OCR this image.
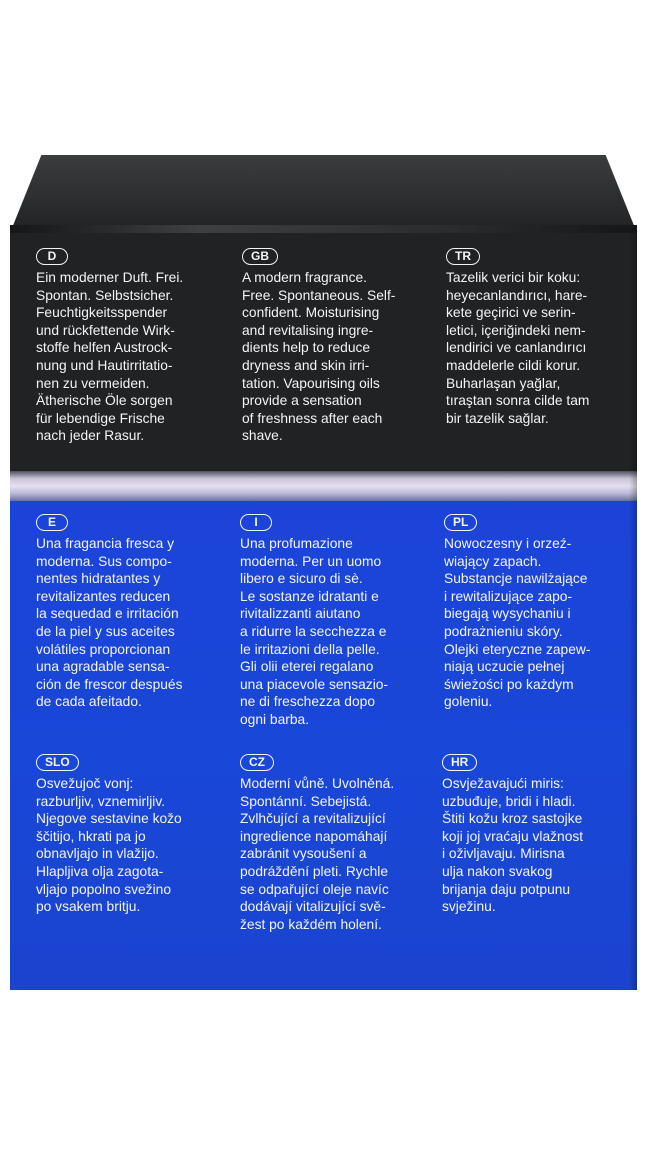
D

Ein moderner Duft. Frei.
Spontan. Selbstsicher.
Feuchtigkeitsspender
und rückfettende Wirk-
stoffe helfen Austrock-
nung und Hautirritatio-
nen zu vermeiden.
Ätherische Öle sorgen
für lebendige Frische
nach jeder Rasur.

GB

A modern fragrance.
Free. Spontaneous. Self-
confident. Moisturising
and revitalising ingre-
dients help to reduce
dryness and skin irri-
tation. Vapourising oils
provide a sensation
of freshness after each
shave.

TR

Tazelik verici bir koku:
heyecanlandırıcı, hare-
kete geçirici ve serin-
letici, içeriğindeki nem-
lendirici ve canlandırıcı
maddelerle cildi korur.
Buharlaşan yağlar,
tıraştan sonra cilde tam
bir tazelik sağlar.

E

Una fragancia fresca y
moderna. Sus compo-
nentes hidratantes y
revitalizantes reducen
la sequedad e irritación
de la piel y sus aceites
volátiles proporcionan
una agradable sensa-
ción de frescor después
de cada afeitado.

I

Una profumazione
moderna. Per un uomo
libero e sicuro di sè.
Le sostanze idratanti e
rivitalizzanti aiutano
a ridurre la secchezza e
le irritazioni della pelle.
Gli olii eterei regalano
una piacevole sensazio-
ne di freschezza dopo
ogni barba.

PL

Nowoczesny i orzeź-
wiający zapach.
Substancje nawilżające
i rewitalizujące zapo-
biegają wysychaniu i
podrażnieniu skóry.
Olejki eteryczne zapew-
niają uczucie pełnej
świeżości po każdym
goleniu.

SLO

Osvežujoč vonj:
razburljiv, vznemirljiv.
Njegove sestavine kožo
ščitijo, hkrati pa jo
obnavljajo in vlažijo.
Hlapljiva olja zagota-
vljajo popolno svežino
po vsakem britju.

CZ

Moderní vůně. Uvolněná.
Spontánní. Sebejistá.
Zvlhčující a revitalizující
ingredience napomáhají
zabránit vysoušení a
podráždění pleti. Rychle
se odpařující oleje navíc
dodávají vitalizující svě-
žest po každém holení.

HR

Osvježavajući miris:
uzbuđuje, bridi i hladi.
Štiti kožu kroz sastojke
koji joj vraćaju vlažnost
i oživljavaju. Mirisna
ulja nakon svakog
brijanja daju potpunu
svježinu.
